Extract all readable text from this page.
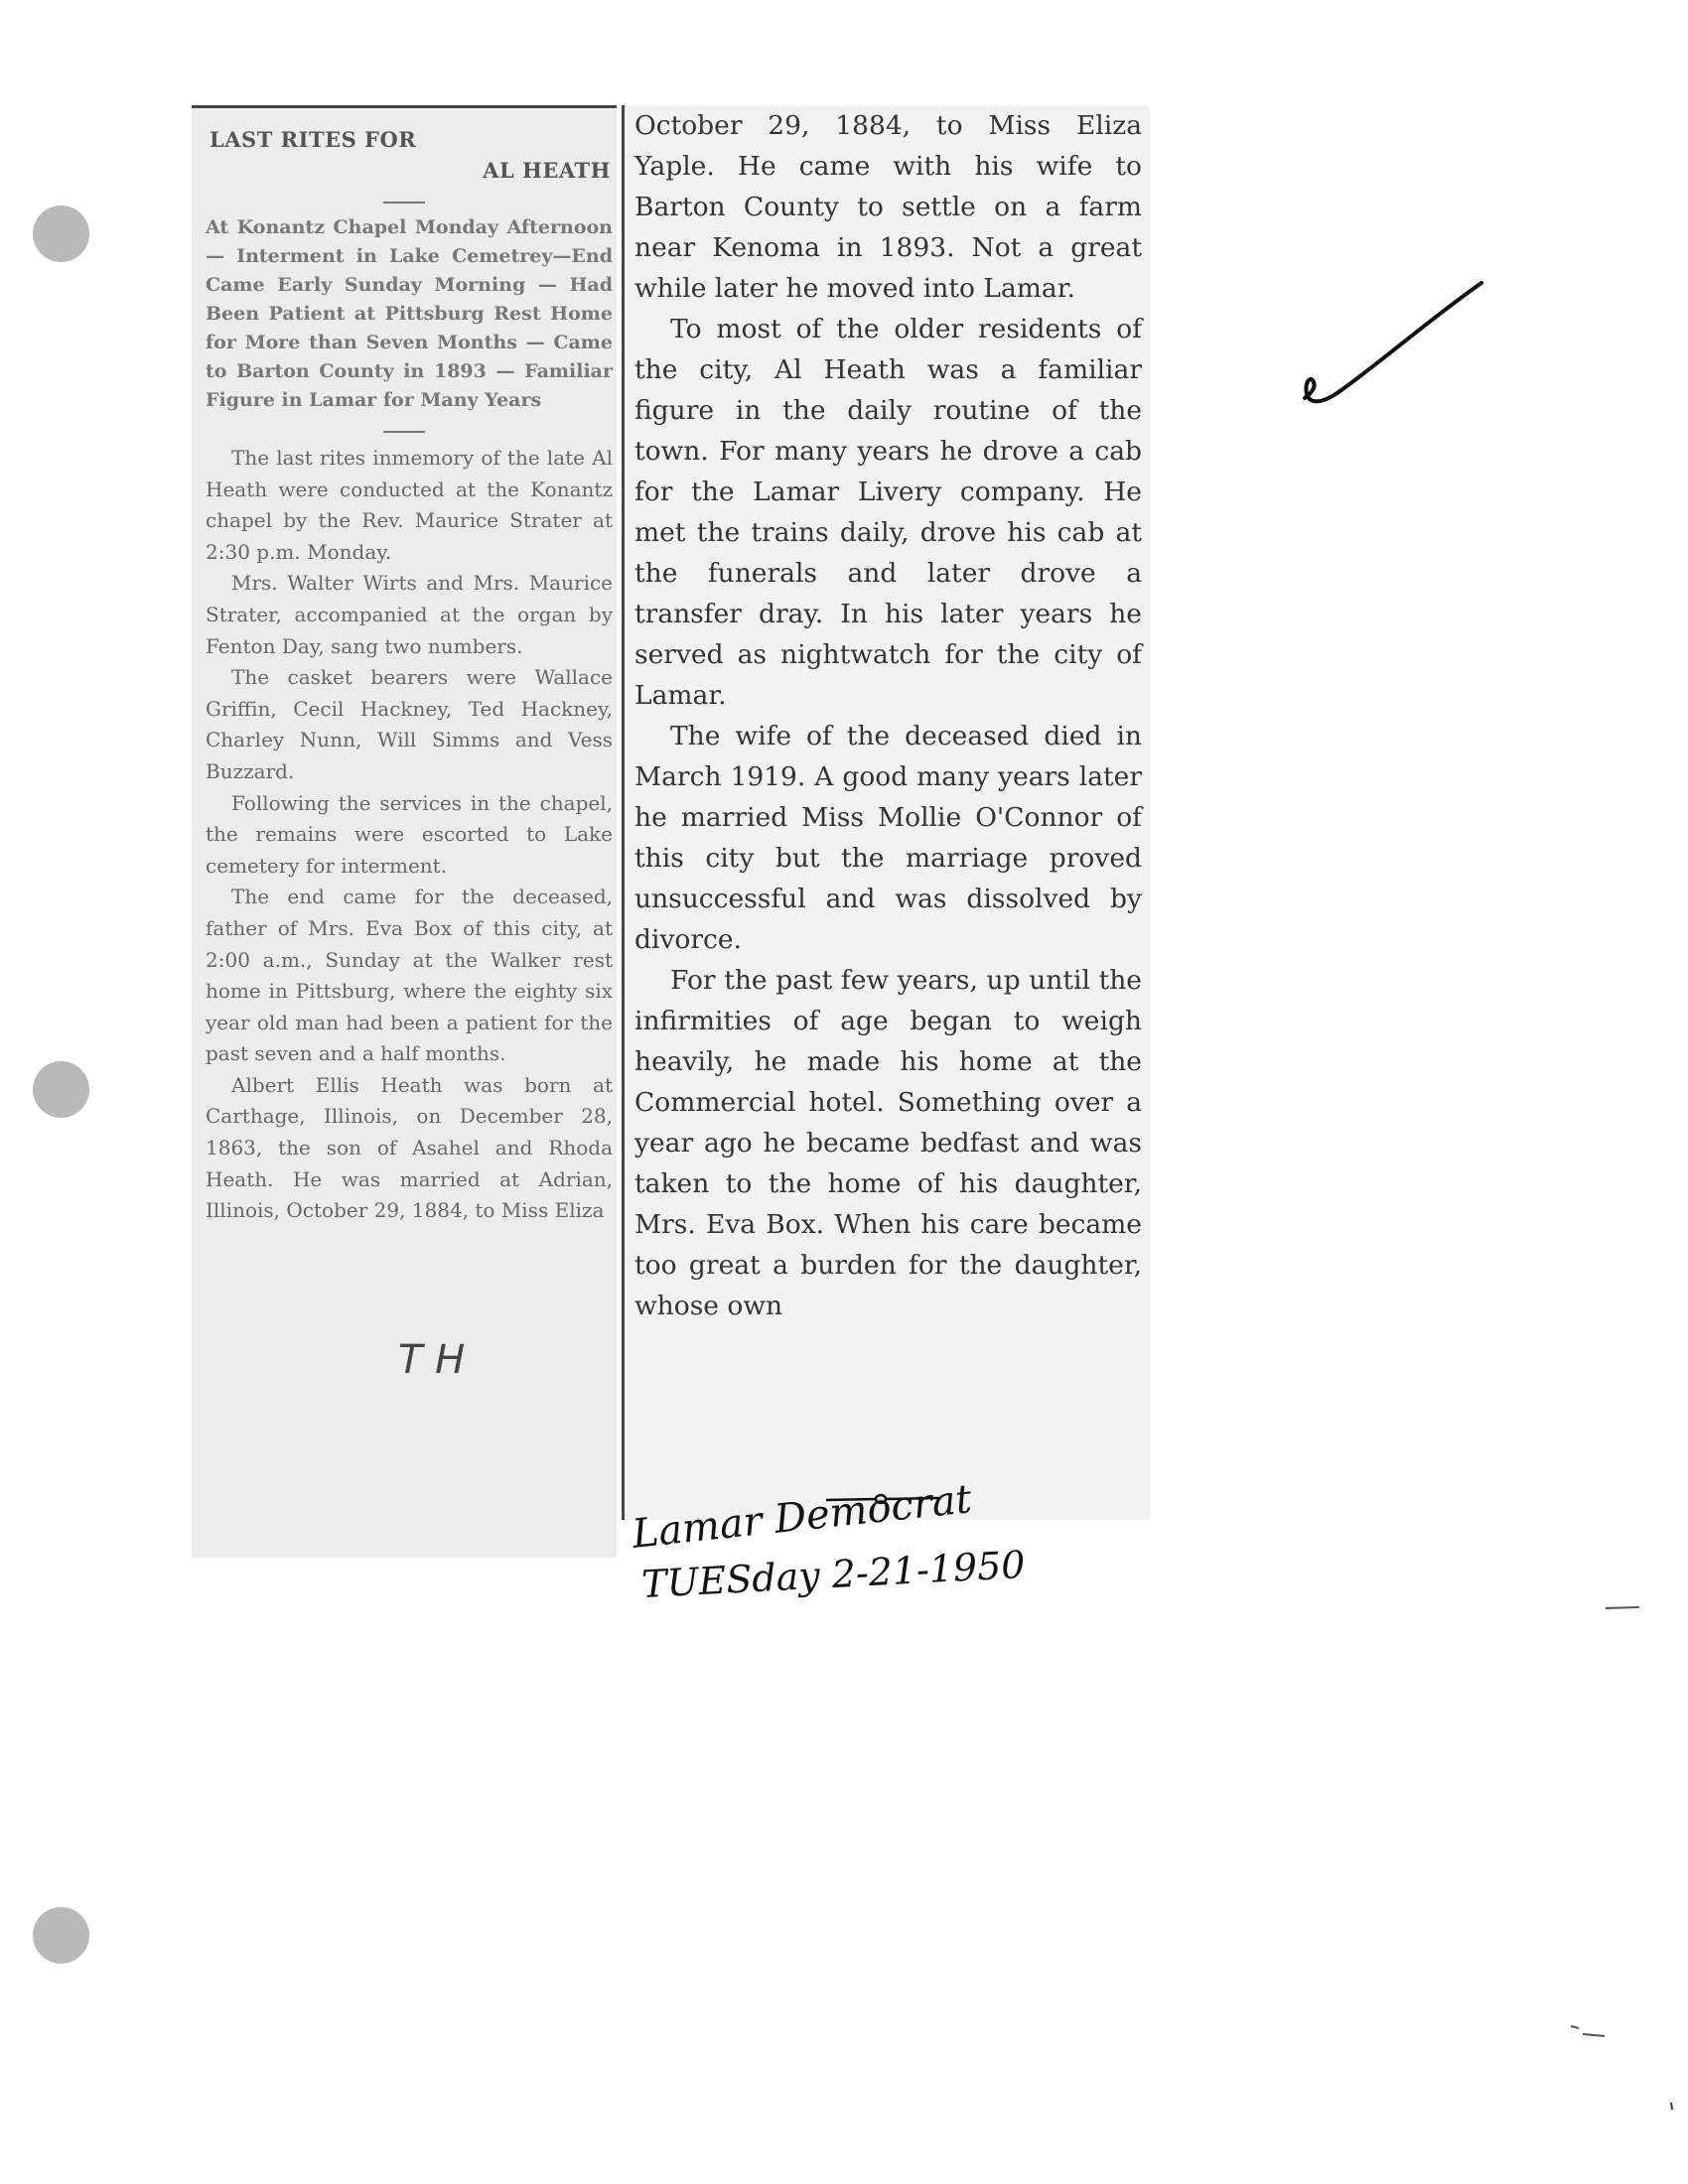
LAST RITES FOR
AL HEATH
At Konantz Chapel Monday Afternoon — Interment in Lake Cemetrey—End Came Early Sunday Morning — Had Been Patient at Pittsburg Rest Home for More than Seven Months — Came to Barton County in 1893 — Familiar Figure in Lamar for Many Years

The last rites inmemory of the late Al Heath were conducted at the Konantz chapel by the Rev. Maurice Strater at 2:30 p.m. Monday.

Mrs. Walter Wirts and Mrs. Maurice Strater, accompanied at the organ by Fenton Day, sang two numbers.

The casket bearers were Wallace Griffin, Cecil Hackney, Ted Hackney, Charley Nunn, Will Simms and Vess Buzzard.

Following the services in the chapel, the remains were escorted to Lake cemetery for interment.

The end came for the deceased, father of Mrs. Eva Box of this city, at 2:00 a.m., Sunday at the Walker rest home in Pittsburg, where the eighty six year old man had been a patient for the past seven and a half months.

Albert Ellis Heath was born at Carthage, Illinois, on December 28, 1863, the son of Asahel and Rhoda Heath. He was married at Adrian, Illinois, October 29, 1884, to Miss Eliza

October 29, 1884, to Miss Eliza Yaple. He came with his wife to Barton County to settle on a farm near Kenoma in 1893. Not a great while later he moved into Lamar.

To most of the older residents of the city, Al Heath was a familiar figure in the daily routine of the town. For many years he drove a cab for the Lamar Livery company. He met the trains daily, drove his cab at the funerals and later drove a transfer dray. In his later years he served as nightwatch for the city of Lamar.

The wife of the deceased died in March 1919. A good many years later he married Miss Mollie O'Connor of this city but the marriage proved unsuccessful and was dissolved by divorce.

For the past few years, up until the infirmities of age began to weigh heavily, he made his home at the Commercial hotel. Something over a year ago he became bedfast and was taken to the home of his daughter, Mrs. Eva Box. When his care became too great a burden for the daughter, whose own

T H
Lamar Democrat
TUESday 2-21-1950
